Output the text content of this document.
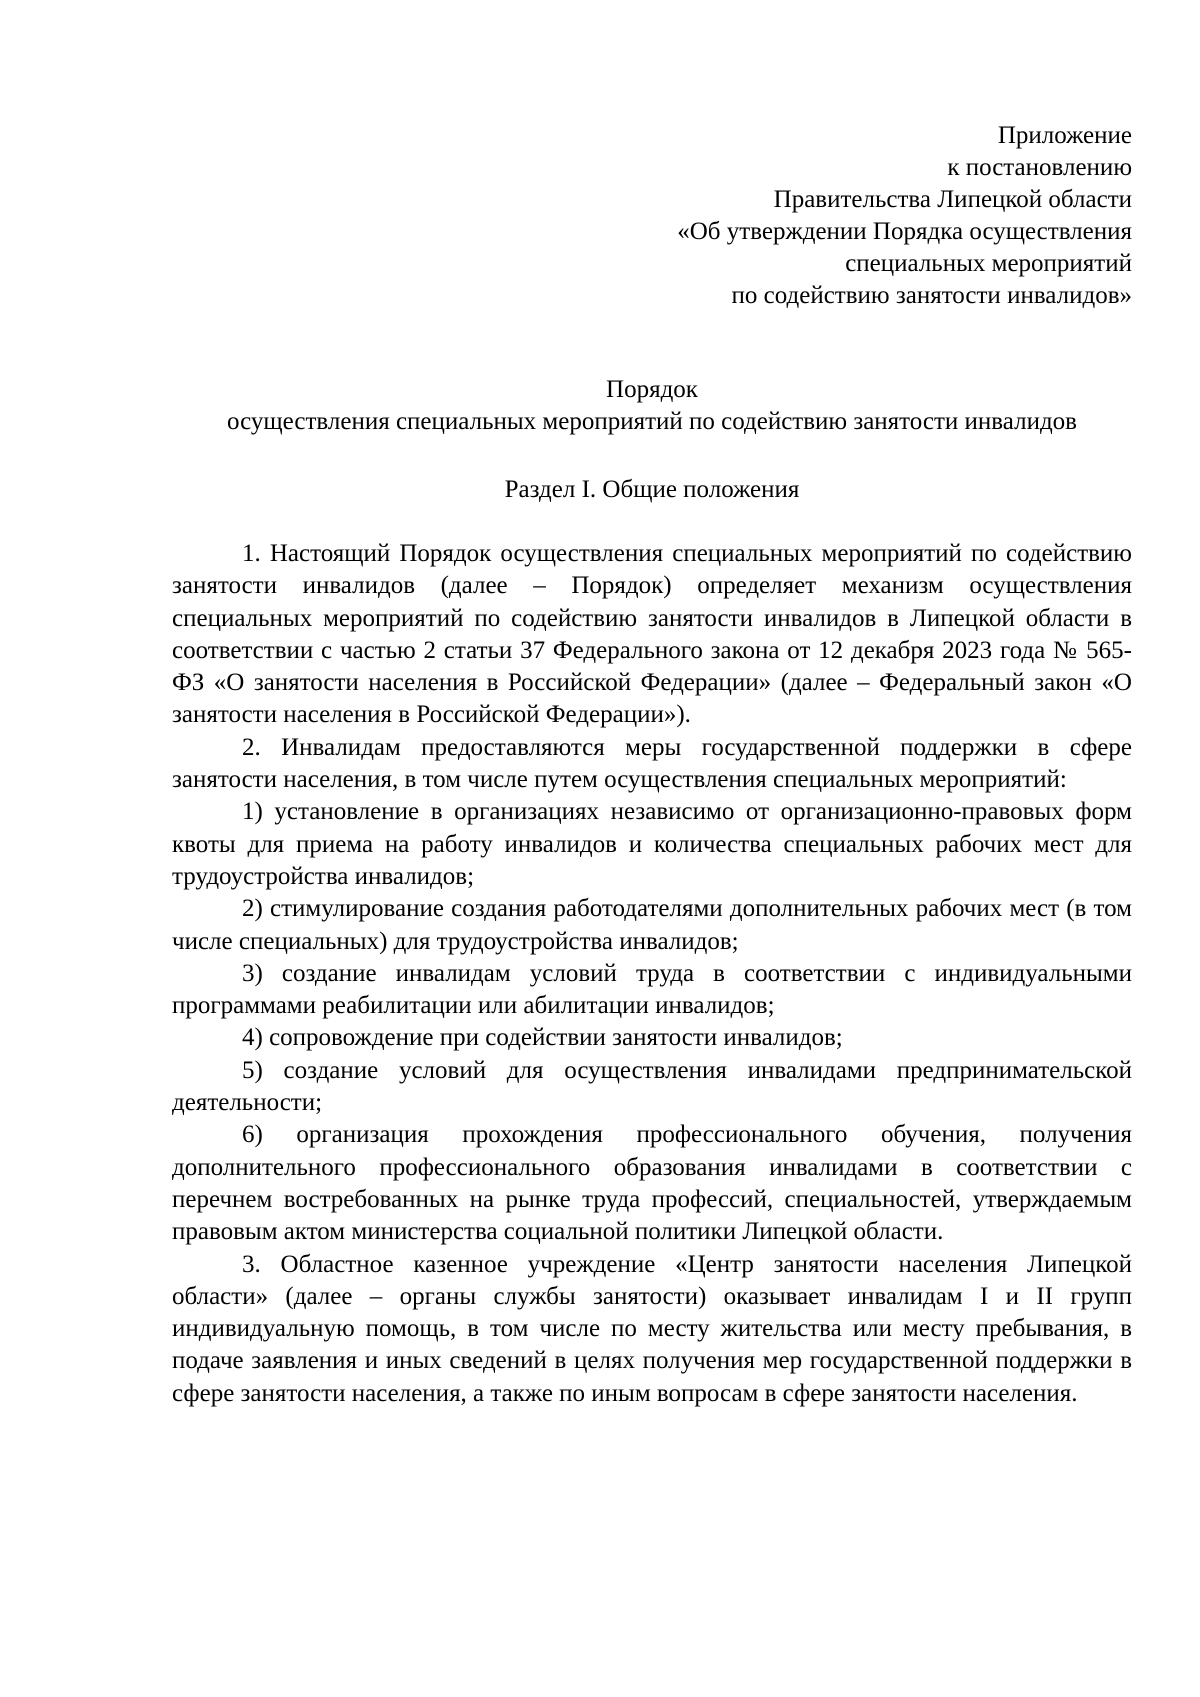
Приложение
к постановлению
Правительства Липецкой области
«Об утверждении Порядка осуществления
специальных мероприятий
по содействию занятости инвалидов»
Порядок
осуществления специальных мероприятий по содействию занятости инвалидов
Раздел I. Общие положения

1. Настоящий Порядок осуществления специальных мероприятий по содействию занятости инвалидов (далее – Порядок) определяет механизм осуществления специальных мероприятий по содействию занятости инвалидов в Липецкой области в соответствии с частью 2 статьи 37 Федерального закона от 12 декабря 2023 года № 565-ФЗ «О занятости населения в Российской Федерации» (далее – Федеральный закон «О занятости населения в Российской Федерации»).

2. Инвалидам предоставляются меры государственной поддержки в сфере занятости населения, в том числе путем осуществления специальных мероприятий:

1) установление в организациях независимо от организационно-правовых форм квоты для приема на работу инвалидов и количества специальных рабочих мест для трудоустройства инвалидов;

2) стимулирование создания работодателями дополнительных рабочих мест (в том числе специальных) для трудоустройства инвалидов;

3) создание инвалидам условий труда в соответствии с индивидуальными программами реабилитации или абилитации инвалидов;

4) сопровождение при содействии занятости инвалидов;

5) создание условий для осуществления инвалидами предпринимательской деятельности;

6) организация прохождения профессионального обучения, получения дополнительного профессионального образования инвалидами в соответствии с перечнем востребованных на рынке труда профессий, специальностей, утверждаемым правовым актом министерства социальной политики Липецкой области.

3. Областное казенное учреждение «Центр занятости населения Липецкой области» (далее – органы службы занятости) оказывает инвалидам I и II групп индивидуальную помощь, в том числе по месту жительства или месту пребывания, в подаче заявления и иных сведений в целях получения мер государственной поддержки в сфере занятости населения, а также по иным вопросам в сфере занятости населения.
